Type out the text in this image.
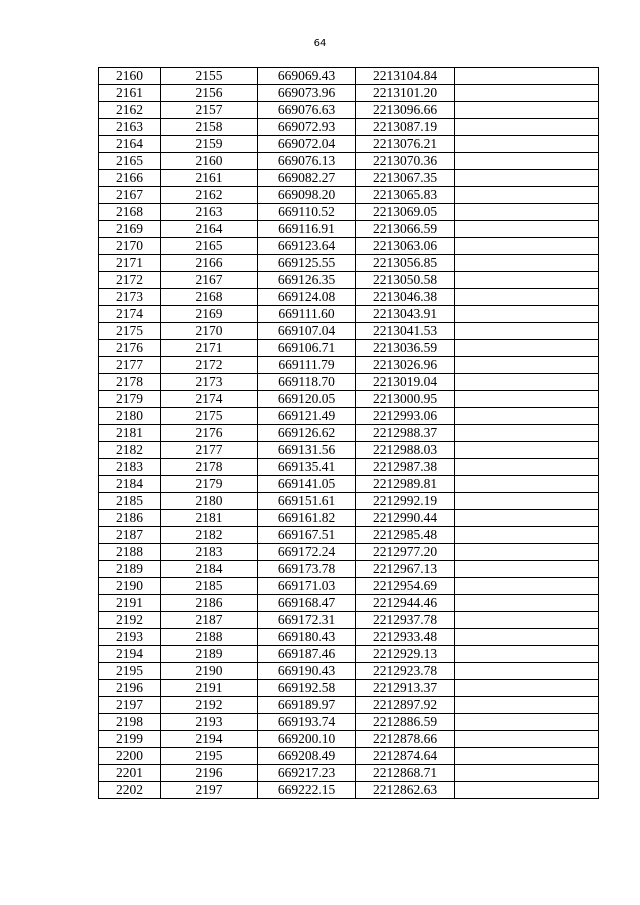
64
2160	2155	669069.43	2213104.84	
2161	2156	669073.96	2213101.20	
2162	2157	669076.63	2213096.66	
2163	2158	669072.93	2213087.19	
2164	2159	669072.04	2213076.21	
2165	2160	669076.13	2213070.36	
2166	2161	669082.27	2213067.35	
2167	2162	669098.20	2213065.83	
2168	2163	669110.52	2213069.05	
2169	2164	669116.91	2213066.59	
2170	2165	669123.64	2213063.06	
2171	2166	669125.55	2213056.85	
2172	2167	669126.35	2213050.58	
2173	2168	669124.08	2213046.38	
2174	2169	669111.60	2213043.91	
2175	2170	669107.04	2213041.53	
2176	2171	669106.71	2213036.59	
2177	2172	669111.79	2213026.96	
2178	2173	669118.70	2213019.04	
2179	2174	669120.05	2213000.95	
2180	2175	669121.49	2212993.06	
2181	2176	669126.62	2212988.37	
2182	2177	669131.56	2212988.03	
2183	2178	669135.41	2212987.38	
2184	2179	669141.05	2212989.81	
2185	2180	669151.61	2212992.19	
2186	2181	669161.82	2212990.44	
2187	2182	669167.51	2212985.48	
2188	2183	669172.24	2212977.20	
2189	2184	669173.78	2212967.13	
2190	2185	669171.03	2212954.69	
2191	2186	669168.47	2212944.46	
2192	2187	669172.31	2212937.78	
2193	2188	669180.43	2212933.48	
2194	2189	669187.46	2212929.13	
2195	2190	669190.43	2212923.78	
2196	2191	669192.58	2212913.37	
2197	2192	669189.97	2212897.92	
2198	2193	669193.74	2212886.59	
2199	2194	669200.10	2212878.66	
2200	2195	669208.49	2212874.64	
2201	2196	669217.23	2212868.71	
2202	2197	669222.15	2212862.63	
